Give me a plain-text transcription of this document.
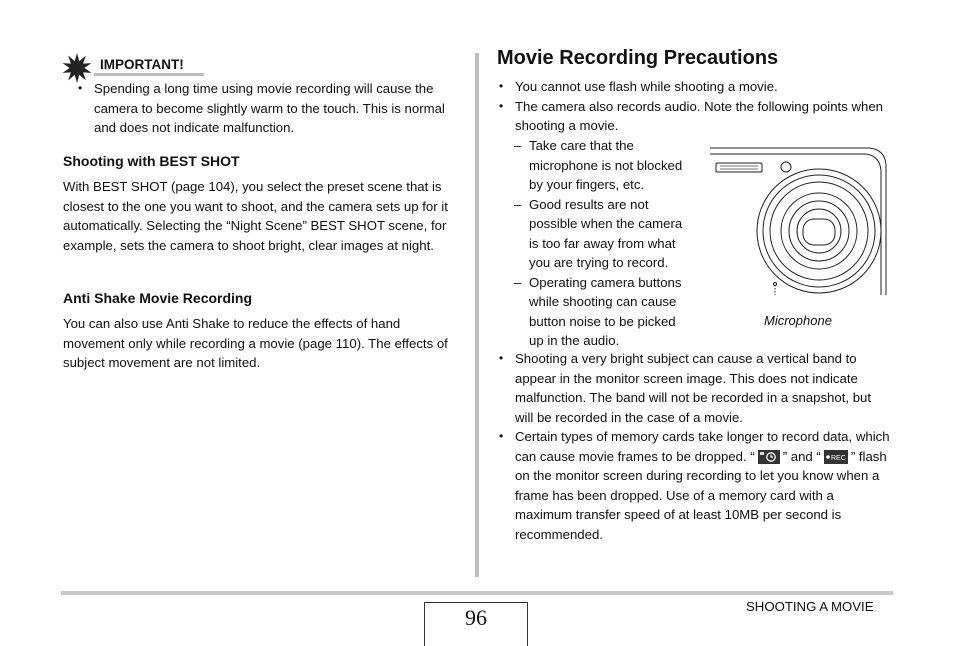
IMPORTANT!
• Spending a long time using movie recording will cause the camera to become slightly warm to the touch. This is normal and does not indicate malfunction.
Shooting with BEST SHOT

With BEST SHOT (page 104), you select the preset scene that is closest to the one you want to shoot, and the camera sets up for it automatically. Selecting the “Night Scene” BEST SHOT scene, for example, sets the camera to shoot bright, clear images at night.

Anti Shake Movie Recording

You can also use Anti Shake to reduce the effects of hand movement only while recording a movie (page 110). The effects of subject movement are not limited.

Movie Recording Precautions
• You cannot use flash while shooting a movie.
• The camera also records audio. Note the following points when shooting a movie.
– Take care that the microphone is not blocked by your fingers, etc.
– Good results are not possible when the camera is too far away from what you are trying to record.
– Operating camera buttons while shooting can cause button noise to be picked up in the audio.
Microphone
• Shooting a very bright subject can cause a vertical band to appear in the monitor screen image. This does not indicate malfunction. The band will not be recorded in a snapshot, but will be recorded in the case of a movie.
• Certain types of memory cards take longer to record data, which can cause movie frames to be dropped. “ ” and “ REC ” flash on the monitor screen during recording to let you know when a frame has been dropped. Use of a memory card with a maximum transfer speed of at least 10MB per second is recommended.
96	SHOOTING A MOVIE
